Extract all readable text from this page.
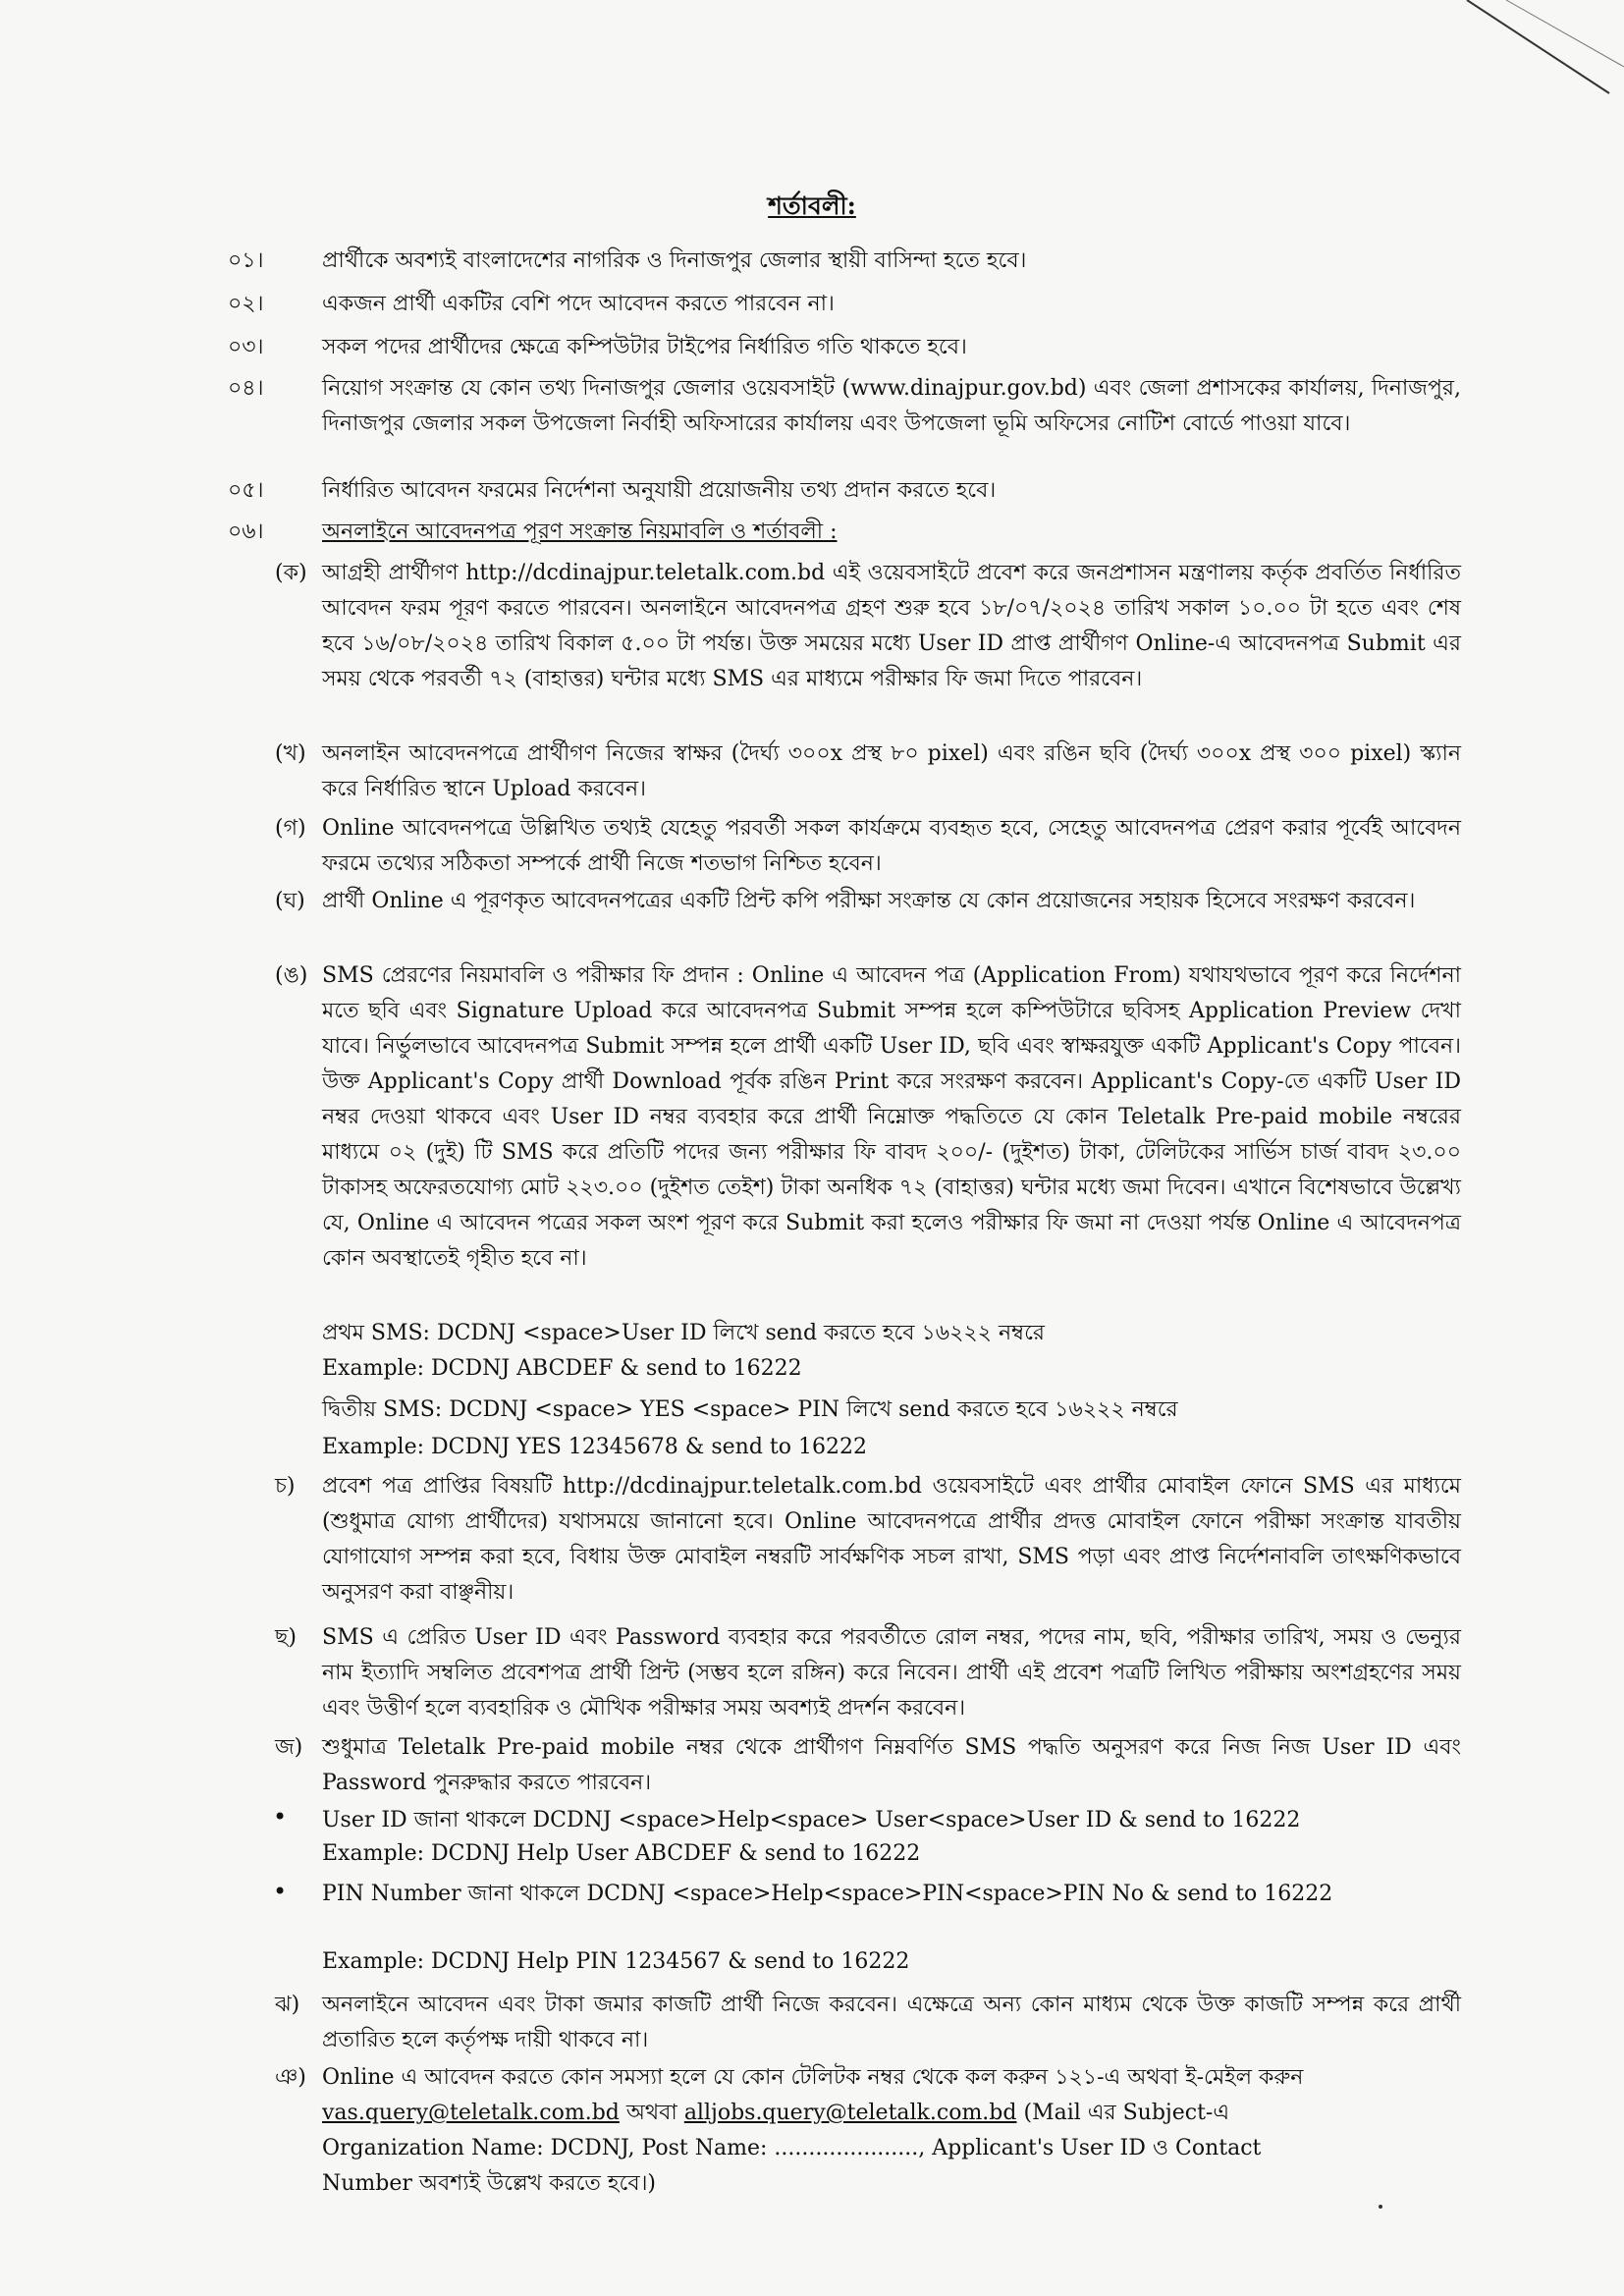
শর্তাবলী:
০১।	প্রার্থীকে অবশ্যই বাংলাদেশের নাগরিক ও দিনাজপুর জেলার স্থায়ী বাসিন্দা হতে হবে।
০২।	একজন প্রার্থী একটির বেশি পদে আবেদন করতে পারবেন না।
০৩।	সকল পদের প্রার্থীদের ক্ষেত্রে কম্পিউটার টাইপের নির্ধারিত গতি থাকতে হবে।
০৪।	নিয়োগ সংক্রান্ত যে কোন তথ্য দিনাজপুর জেলার ওয়েবসাইট (www.dinajpur.gov.bd) এবং জেলা প্রশাসকের কার্যালয়, দিনাজপুর, দিনাজপুর জেলার সকল উপজেলা নির্বাহী অফিসারের কার্যালয় এবং উপজেলা ভূমি অফিসের নোটিশ বোর্ডে পাওয়া যাবে।
০৫।	নির্ধারিত আবেদন ফরমের নির্দেশনা অনুযায়ী প্রয়োজনীয় তথ্য প্রদান করতে হবে।
০৬।	অনলাইনে আবেদনপত্র পূরণ সংক্রান্ত নিয়মাবলি ও শর্তাবলী :
(ক) আগ্রহী প্রার্থীগণ http://dcdinajpur.teletalk.com.bd এই ওয়েবসাইটে প্রবেশ করে জনপ্রশাসন মন্ত্রণালয় কর্তৃক প্রবর্তিত নির্ধারিত আবেদন ফরম পূরণ করতে পারবেন। অনলাইনে আবেদনপত্র গ্রহণ শুরু হবে ১৮/০৭/২০২৪ তারিখ সকাল ১০.০০ টা হতে এবং শেষ হবে ১৬/০৮/২০২৪ তারিখ বিকাল ৫.০০ টা পর্যন্ত। উক্ত সময়ের মধ্যে User ID প্রাপ্ত প্রার্থীগণ Online-এ আবেদনপত্র Submit এর সময় থেকে পরবর্তী ৭২ (বাহাত্তর) ঘন্টার মধ্যে SMS এর মাধ্যমে পরীক্ষার ফি জমা দিতে পারবেন।
(খ) অনলাইন আবেদনপত্রে প্রার্থীগণ নিজের স্বাক্ষর (দৈর্ঘ্য ৩০০x প্রস্থ ৮০ pixel) এবং রঙিন ছবি (দৈর্ঘ্য ৩০০x প্রস্থ ৩০০ pixel) স্ক্যান করে নির্ধারিত স্থানে Upload করবেন।
(গ) Online আবেদনপত্রে উল্লিখিত তথ্যই যেহেতু পরবর্তী সকল কার্যক্রমে ব্যবহৃত হবে, সেহেতু আবেদনপত্র প্রেরণ করার পূর্বেই আবেদন ফরমে তথ্যের সঠিকতা সম্পর্কে প্রার্থী নিজে শতভাগ নিশ্চিত হবেন।
(ঘ) প্রার্থী Online এ পূরণকৃত আবেদনপত্রের একটি প্রিন্ট কপি পরীক্ষা সংক্রান্ত যে কোন প্রয়োজনের সহায়ক হিসেবে সংরক্ষণ করবেন।
(ঙ) SMS প্রেরণের নিয়মাবলি ও পরীক্ষার ফি প্রদান : Online এ আবেদন পত্র (Application From) যথাযথভাবে পূরণ করে নির্দেশনা মতে ছবি এবং Signature Upload করে আবেদনপত্র Submit সম্পন্ন হলে কম্পিউটারে ছবিসহ Application Preview দেখা যাবে। নির্ভুলভাবে আবেদনপত্র Submit সম্পন্ন হলে প্রার্থী একটি User ID, ছবি এবং স্বাক্ষরযুক্ত একটি Applicant's Copy পাবেন। উক্ত Applicant's Copy প্রার্থী Download পূর্বক রঙিন Print করে সংরক্ষণ করবেন। Applicant's Copy-তে একটি User ID নম্বর দেওয়া থাকবে এবং User ID নম্বর ব্যবহার করে প্রার্থী নিম্নোক্ত পদ্ধতিতে যে কোন Teletalk Pre-paid mobile নম্বরের মাধ্যমে ০২ (দুই) টি SMS করে প্রতিটি পদের জন্য পরীক্ষার ফি বাবদ ২০০/- (দুইশত) টাকা, টেলিটকের সার্ভিস চার্জ বাবদ ২৩.০০ টাকাসহ অফেরতযোগ্য মোট ২২৩.০০ (দুইশত তেইশ) টাকা অনধিক ৭২ (বাহাত্তর) ঘন্টার মধ্যে জমা দিবেন। এখানে বিশেষভাবে উল্লেখ্য যে, Online এ আবেদন পত্রের সকল অংশ পূরণ করে Submit করা হলেও পরীক্ষার ফি জমা না দেওয়া পর্যন্ত Online এ আবেদনপত্র কোন অবস্থাতেই গৃহীত হবে না।
প্রথম SMS: DCDNJ <space>User ID লিখে send করতে হবে ১৬২২২ নম্বরে
Example: DCDNJ ABCDEF & send to 16222
দ্বিতীয় SMS: DCDNJ <space> YES <space> PIN লিখে send করতে হবে ১৬২২২ নম্বরে
Example: DCDNJ YES 12345678 & send to 16222
চ) প্রবেশ পত্র প্রাপ্তির বিষয়টি http://dcdinajpur.teletalk.com.bd ওয়েবসাইটে এবং প্রার্থীর মোবাইল ফোনে SMS এর মাধ্যমে (শুধুমাত্র যোগ্য প্রার্থীদের) যথাসময়ে জানানো হবে। Online আবেদনপত্রে প্রার্থীর প্রদত্ত মোবাইল ফোনে পরীক্ষা সংক্রান্ত যাবতীয় যোগাযোগ সম্পন্ন করা হবে, বিধায় উক্ত মোবাইল নম্বরটি সার্বক্ষণিক সচল রাখা, SMS পড়া এবং প্রাপ্ত নির্দেশনাবলি তাৎক্ষণিকভাবে অনুসরণ করা বাঞ্ছনীয়।
ছ) SMS এ প্রেরিত User ID এবং Password ব্যবহার করে পরবর্তীতে রোল নম্বর, পদের নাম, ছবি, পরীক্ষার তারিখ, সময় ও ভেন্যুর নাম ইত্যাদি সম্বলিত প্রবেশপত্র প্রার্থী প্রিন্ট (সম্ভব হলে রঙ্গিন) করে নিবেন। প্রার্থী এই প্রবেশ পত্রটি লিখিত পরীক্ষায় অংশগ্রহণের সময় এবং উত্তীর্ণ হলে ব্যবহারিক ও মৌখিক পরীক্ষার সময় অবশ্যই প্রদর্শন করবেন।
জ) শুধুমাত্র Teletalk Pre-paid mobile নম্বর থেকে প্রার্থীগণ নিম্নবর্ণিত SMS পদ্ধতি অনুসরণ করে নিজ নিজ User ID এবং Password পুনরুদ্ধার করতে পারবেন।
• User ID জানা থাকলে DCDNJ <space>Help<space> User<space>User ID & send to 16222
Example: DCDNJ Help User ABCDEF & send to 16222
• PIN Number জানা থাকলে DCDNJ <space>Help<space>PIN<space>PIN No & send to 16222
Example: DCDNJ Help PIN 1234567 & send to 16222
ঝ) অনলাইনে আবেদন এবং টাকা জমার কাজটি প্রার্থী নিজে করবেন। এক্ষেত্রে অন্য কোন মাধ্যম থেকে উক্ত কাজটি সম্পন্ন করে প্রার্থী প্রতারিত হলে কর্তৃপক্ষ দায়ী থাকবে না।
ঞ) Online এ আবেদন করতে কোন সমস্যা হলে যে কোন টেলিটক নম্বর থেকে কল করুন ১২১-এ অথবা ই-মেইল করুন
vas.query@teletalk.com.bd অথবা alljobs.query@teletalk.com.bd (Mail এর Subject-এ
Organization Name: DCDNJ, Post Name: ....................., Applicant's User ID ও Contact
Number অবশ্যই উল্লেখ করতে হবে।)
